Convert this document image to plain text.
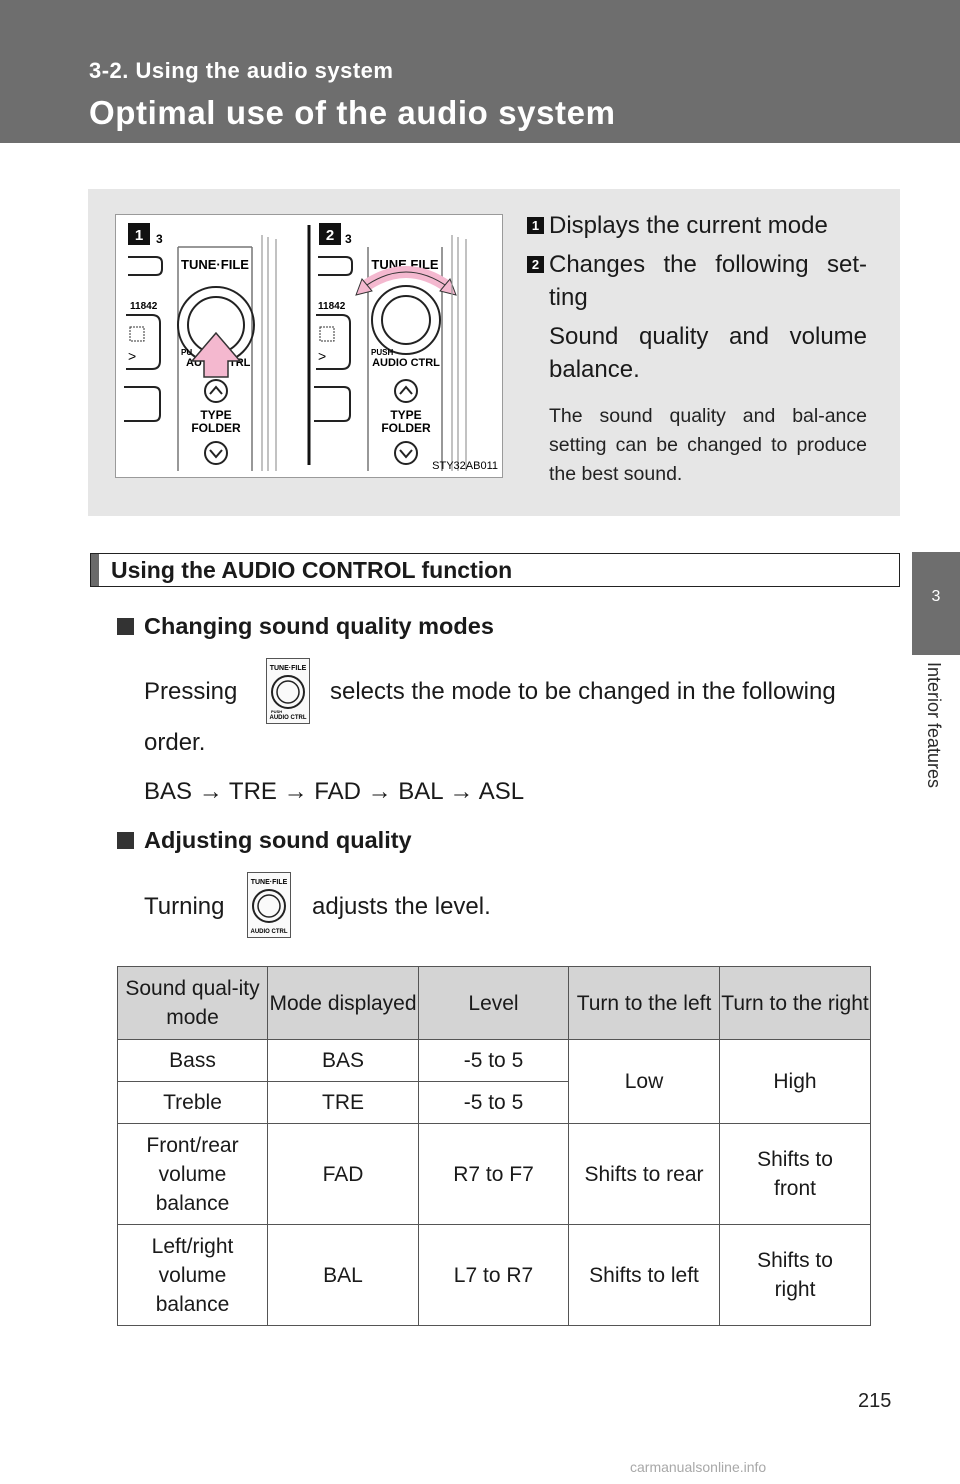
3-2. Using the audio system
Optimal use of the audio system
3
Interior features
1 3
11842
>
TUNE·FILE
PU
AU TRL
TYPE
FOLDER
2 3
11842
>
TUNE FILE
PUSH
AUDIO CTRL
TYPE
FOLDER
STY32AB011
1 Displays the current mode
2 Changes the following set-ting
Sound quality and volume balance.
The sound quality and bal-ance setting can be changed to produce the best sound.
Using the AUDIO CONTROL function
Changing sound quality modes
Pressing	selects the mode to be changed in the following
TUNE·FILE
PUSH
AUDIO CTRL
order.
BAS → TRE → FAD → BAL → ASL
Adjusting sound quality
Turning	adjusts the level.
TUNE·FILE
AUDIO CTRL
Sound qual-ity mode	Mode displayed	Level	Turn to the left	Turn to the right
Bass	BAS	-5 to 5	Low	High
Treble	TRE	-5 to 5		
Front/rear volume balance	FAD	R7 to F7	Shifts to rear	Shifts to front
Left/right volume balance	BAL	L7 to R7	Shifts to left	Shifts to right
215
carmanualsonline.info
